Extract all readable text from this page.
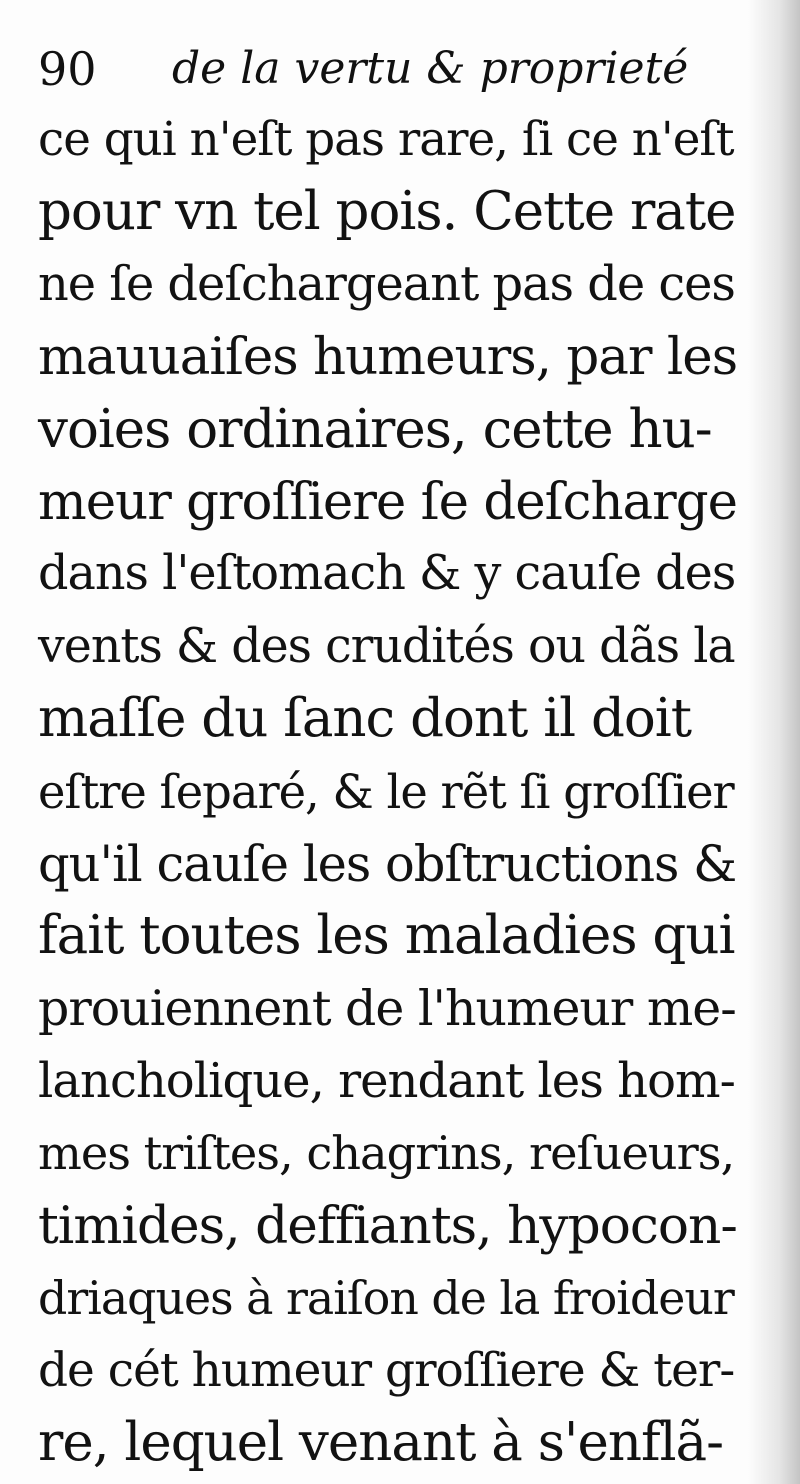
90 de la vertu & proprieté
ce qui n'eſt pas rare, ſi ce n'eſt
pour vn tel pois. Cette rate
ne ſe deſchargeant pas de ces
mauuaiſes humeurs, par les
voies ordinaires, cette hu-
meur groſſiere ſe deſcharge
dans l'eſtomach & y cauſe des
vents & des crudités ou dãs la
maſſe du ſanc dont il doit
eſtre ſeparé, & le rẽt ſi groſſier
qu'il cauſe les obſtructions &
fait toutes les maladies qui
prouiennent de l'humeur me-
lancholique, rendant les hom-
mes triſtes, chagrins, reſueurs,
timides, deffiants, hypocon-
driaques à raiſon de la froideur
de cét humeur groſſiere & ter-
re, lequel venant à s'enflã-
